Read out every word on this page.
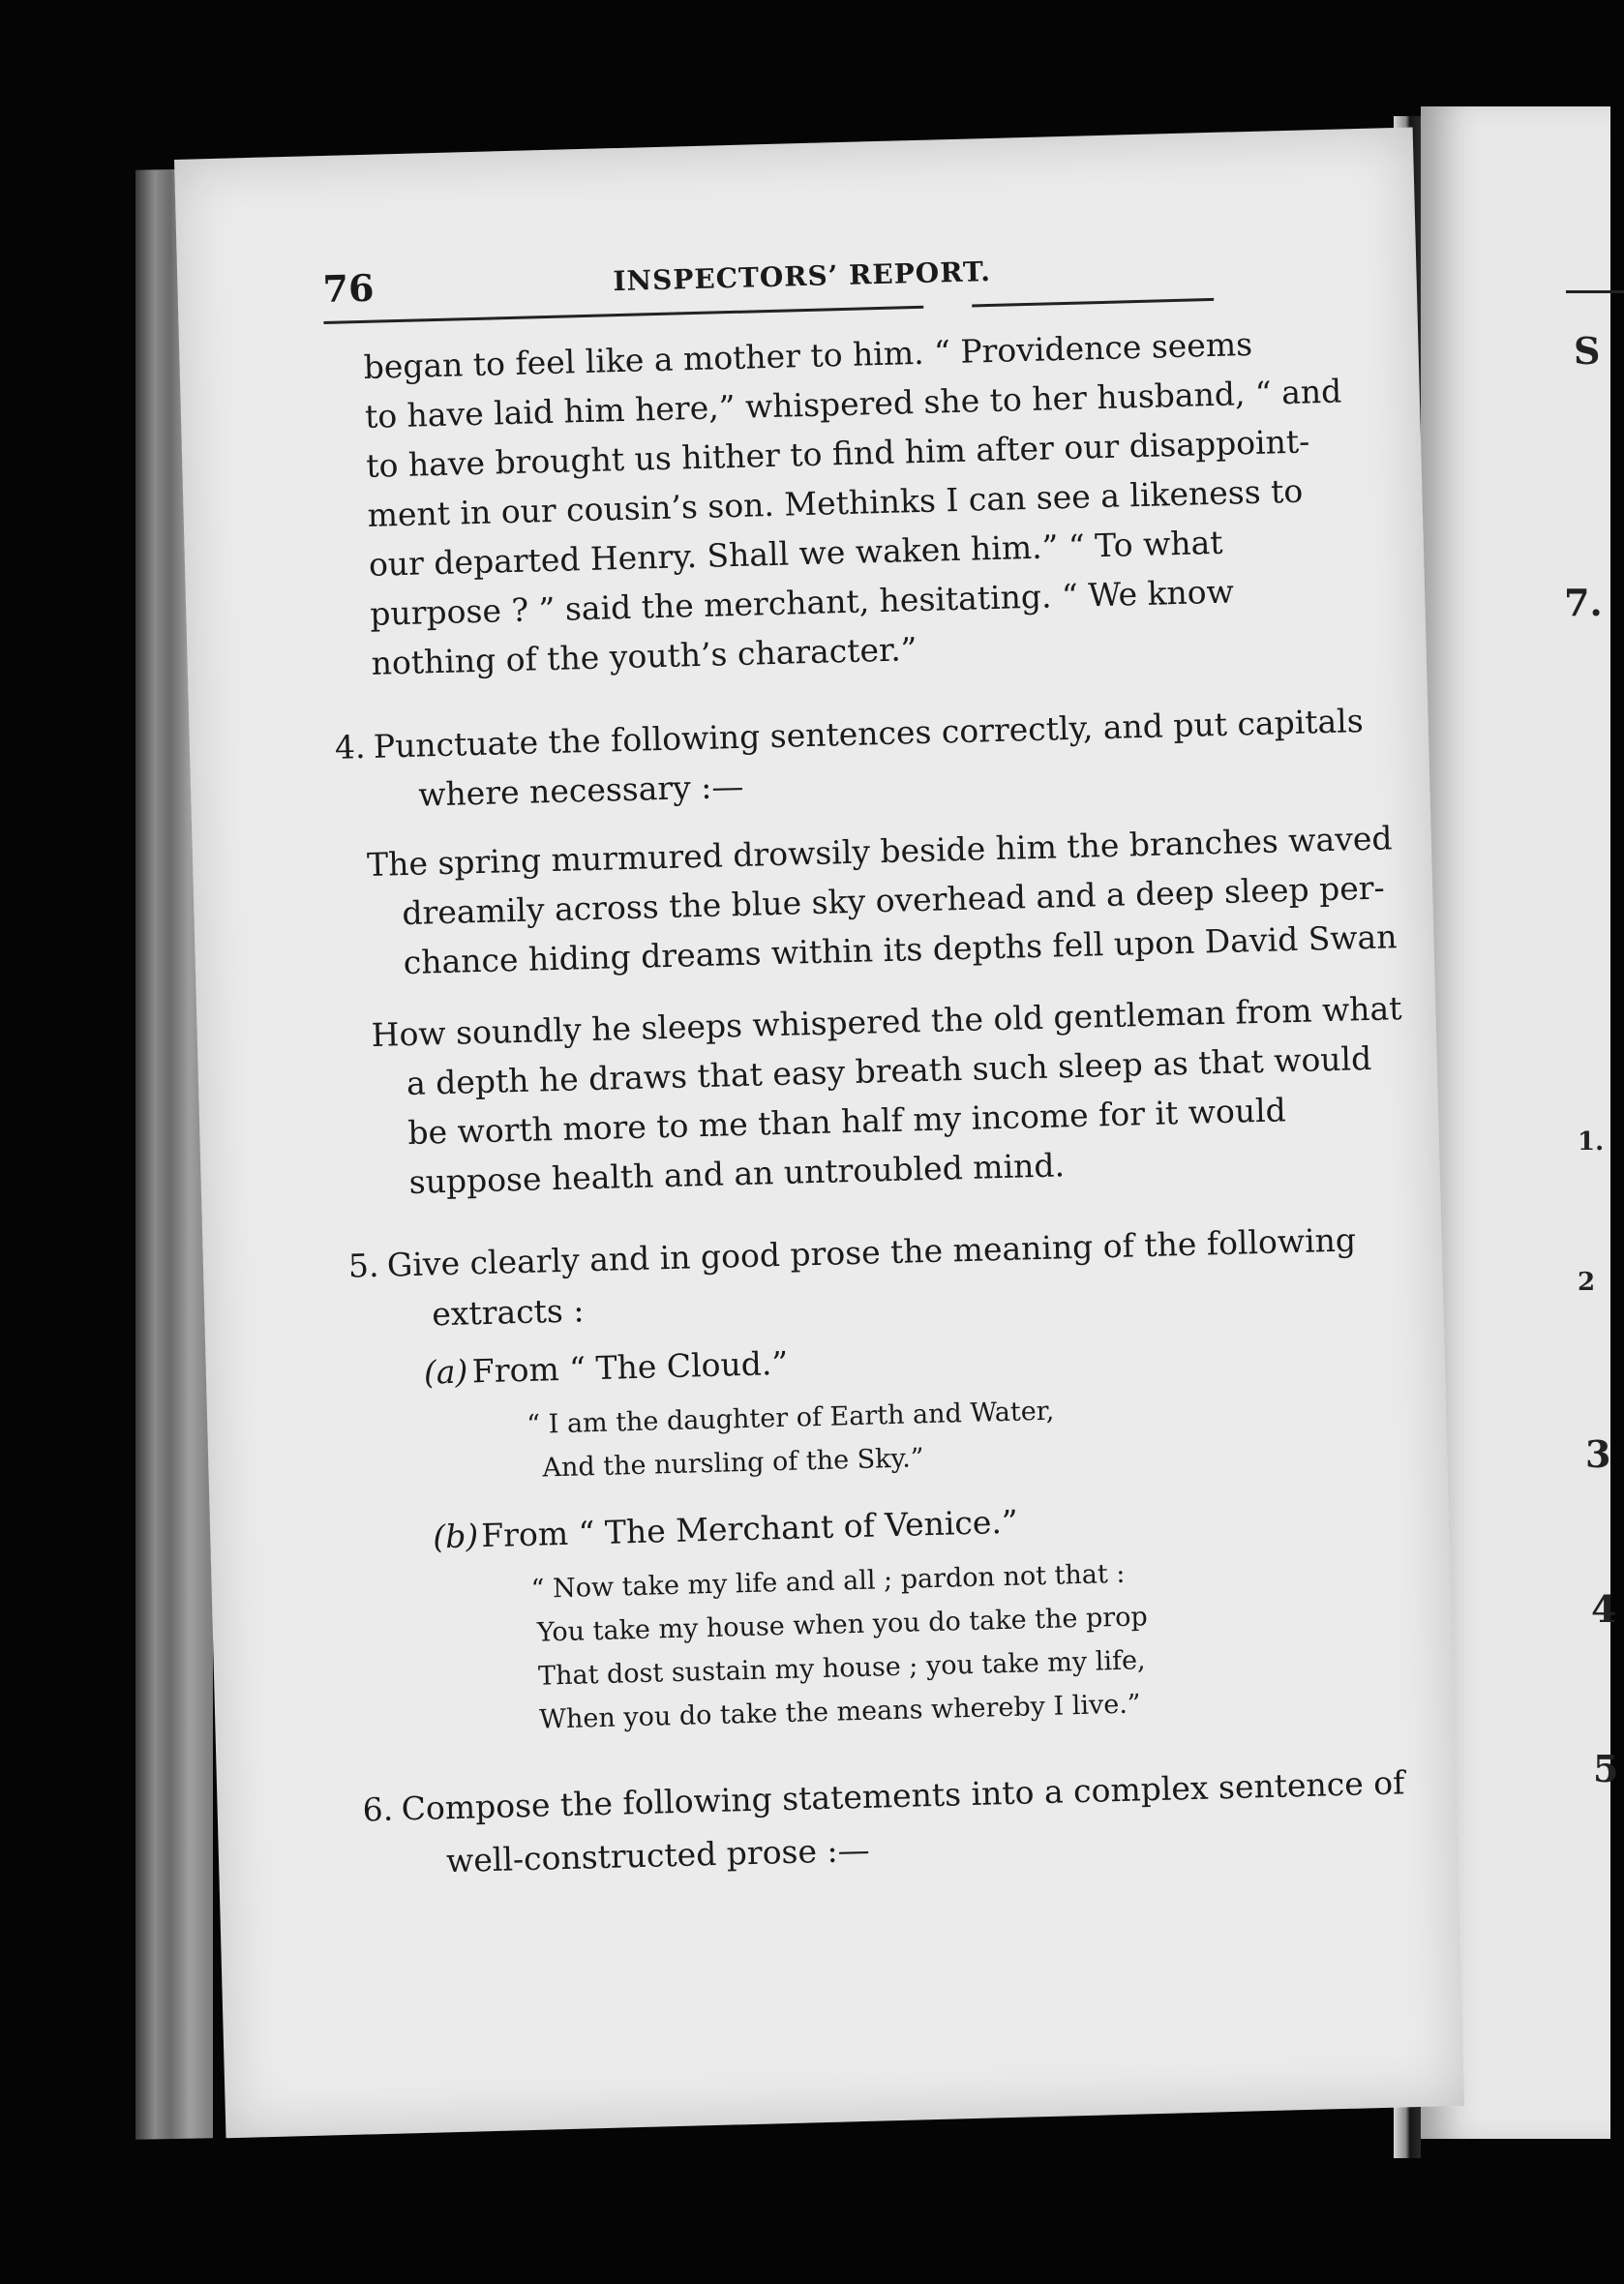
S
7.
1.
2
3
4
5
76	INSPECTORS’ REPORT.
began to feel like a mother to him. “ Providence seems
to have laid him here,” whispered she to her husband, “ and
to have brought us hither to find him after our disappoint-
ment in our cousin’s son. Methinks I can see a likeness to
our departed Henry. Shall we waken him.” “ To what
purpose ? ” said the merchant, hesitating. “ We know
nothing of the youth’s character.”
4. Punctuate the following sentences correctly, and put capitals
where necessary :—
The spring murmured drowsily beside him the branches waved
dreamily across the blue sky overhead and a deep sleep per-
chance hiding dreams within its depths fell upon David Swan
How soundly he sleeps whispered the old gentleman from what
a depth he draws that easy breath such sleep as that would
be worth more to me than half my income for it would
suppose health and an untroubled mind.
5. Give clearly and in good prose the meaning of the following
extracts :
(a) From “ The Cloud.”
“ I am the daughter of Earth and Water,
And the nursling of the Sky.”
(b) From “ The Merchant of Venice.”
“ Now take my life and all ; pardon not that :
You take my house when you do take the prop
That dost sustain my house ; you take my life,
When you do take the means whereby I live.”
6. Compose the following statements into a complex sentence of
well-constructed prose :—
